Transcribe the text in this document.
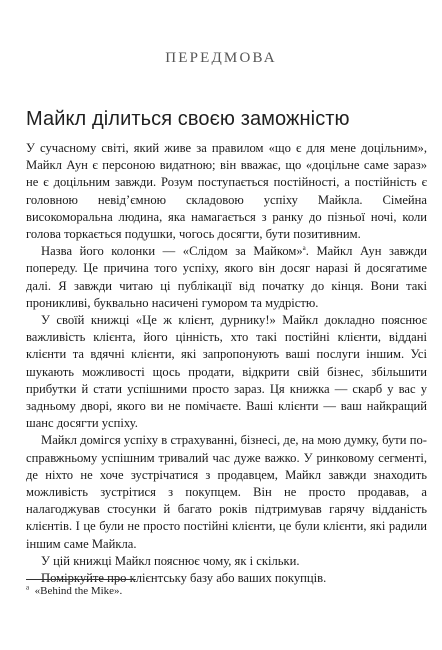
ПЕРЕДМОВА
Майкл ділиться своєю заможністю

У сучасному світі, який живе за правилом «що є для мене доцільним», Майкл Аун є персоною видатною; він вважає, що «доцільне саме зараз» не є доцільним завжди. Розум поступається постійності, а постійність є головною невід’ємною складовою успіху Майкла. Сімейна високоморальна людина, яка намагається з ранку до пізньої ночі, коли голова торкається подушки, чогось досягти, бути позитивним.

Назва його колонки — «Слідом за Майком»$^a$. Майкл Аун завжди попереду. Це причина того успіху, якого він досяг наразі й досягатиме далі. Я завжди читаю ці публікації від початку до кінця. Вони такі проникливі, буквально насичені гумором та мудрістю.

У своїй книжці «Це ж клієнт, дурнику!» Майкл докладно пояснює важливість клієнта, його цінність, хто такі постійні клієнти, віддані клієнти та вдячні клієнти, які запропонують ваші послуги іншим. Усі шукають можливості щось продати, відкрити свій бізнес, збільшити прибутки й стати успішними просто зараз. Ця книжка — скарб у вас у задньому дворі, якого ви не помічаєте. Ваші клієнти — ваш найкращий шанс досягти успіху.

Майкл домігся успіху в страхуванні, бізнесі, де, на мою думку, бути по-справжньому успішним тривалий час дуже важко. У ринковому сегменті, де ніхто не хоче зустрічатися з продавцем, Майкл завжди знаходить можливість зустрітися з покупцем. Він не просто продавав, а налагоджував стосунки й багато років підтримував гарячу відданість клієнтів. І це були не просто постійні клієнти, це були клієнти, які радили іншим саме Майкла.

У цій книжці Майкл пояснює чому, як і скільки.

Поміркуйте про клієнтську базу або ваших покупців.

$^a$ «Behind the Mike».
